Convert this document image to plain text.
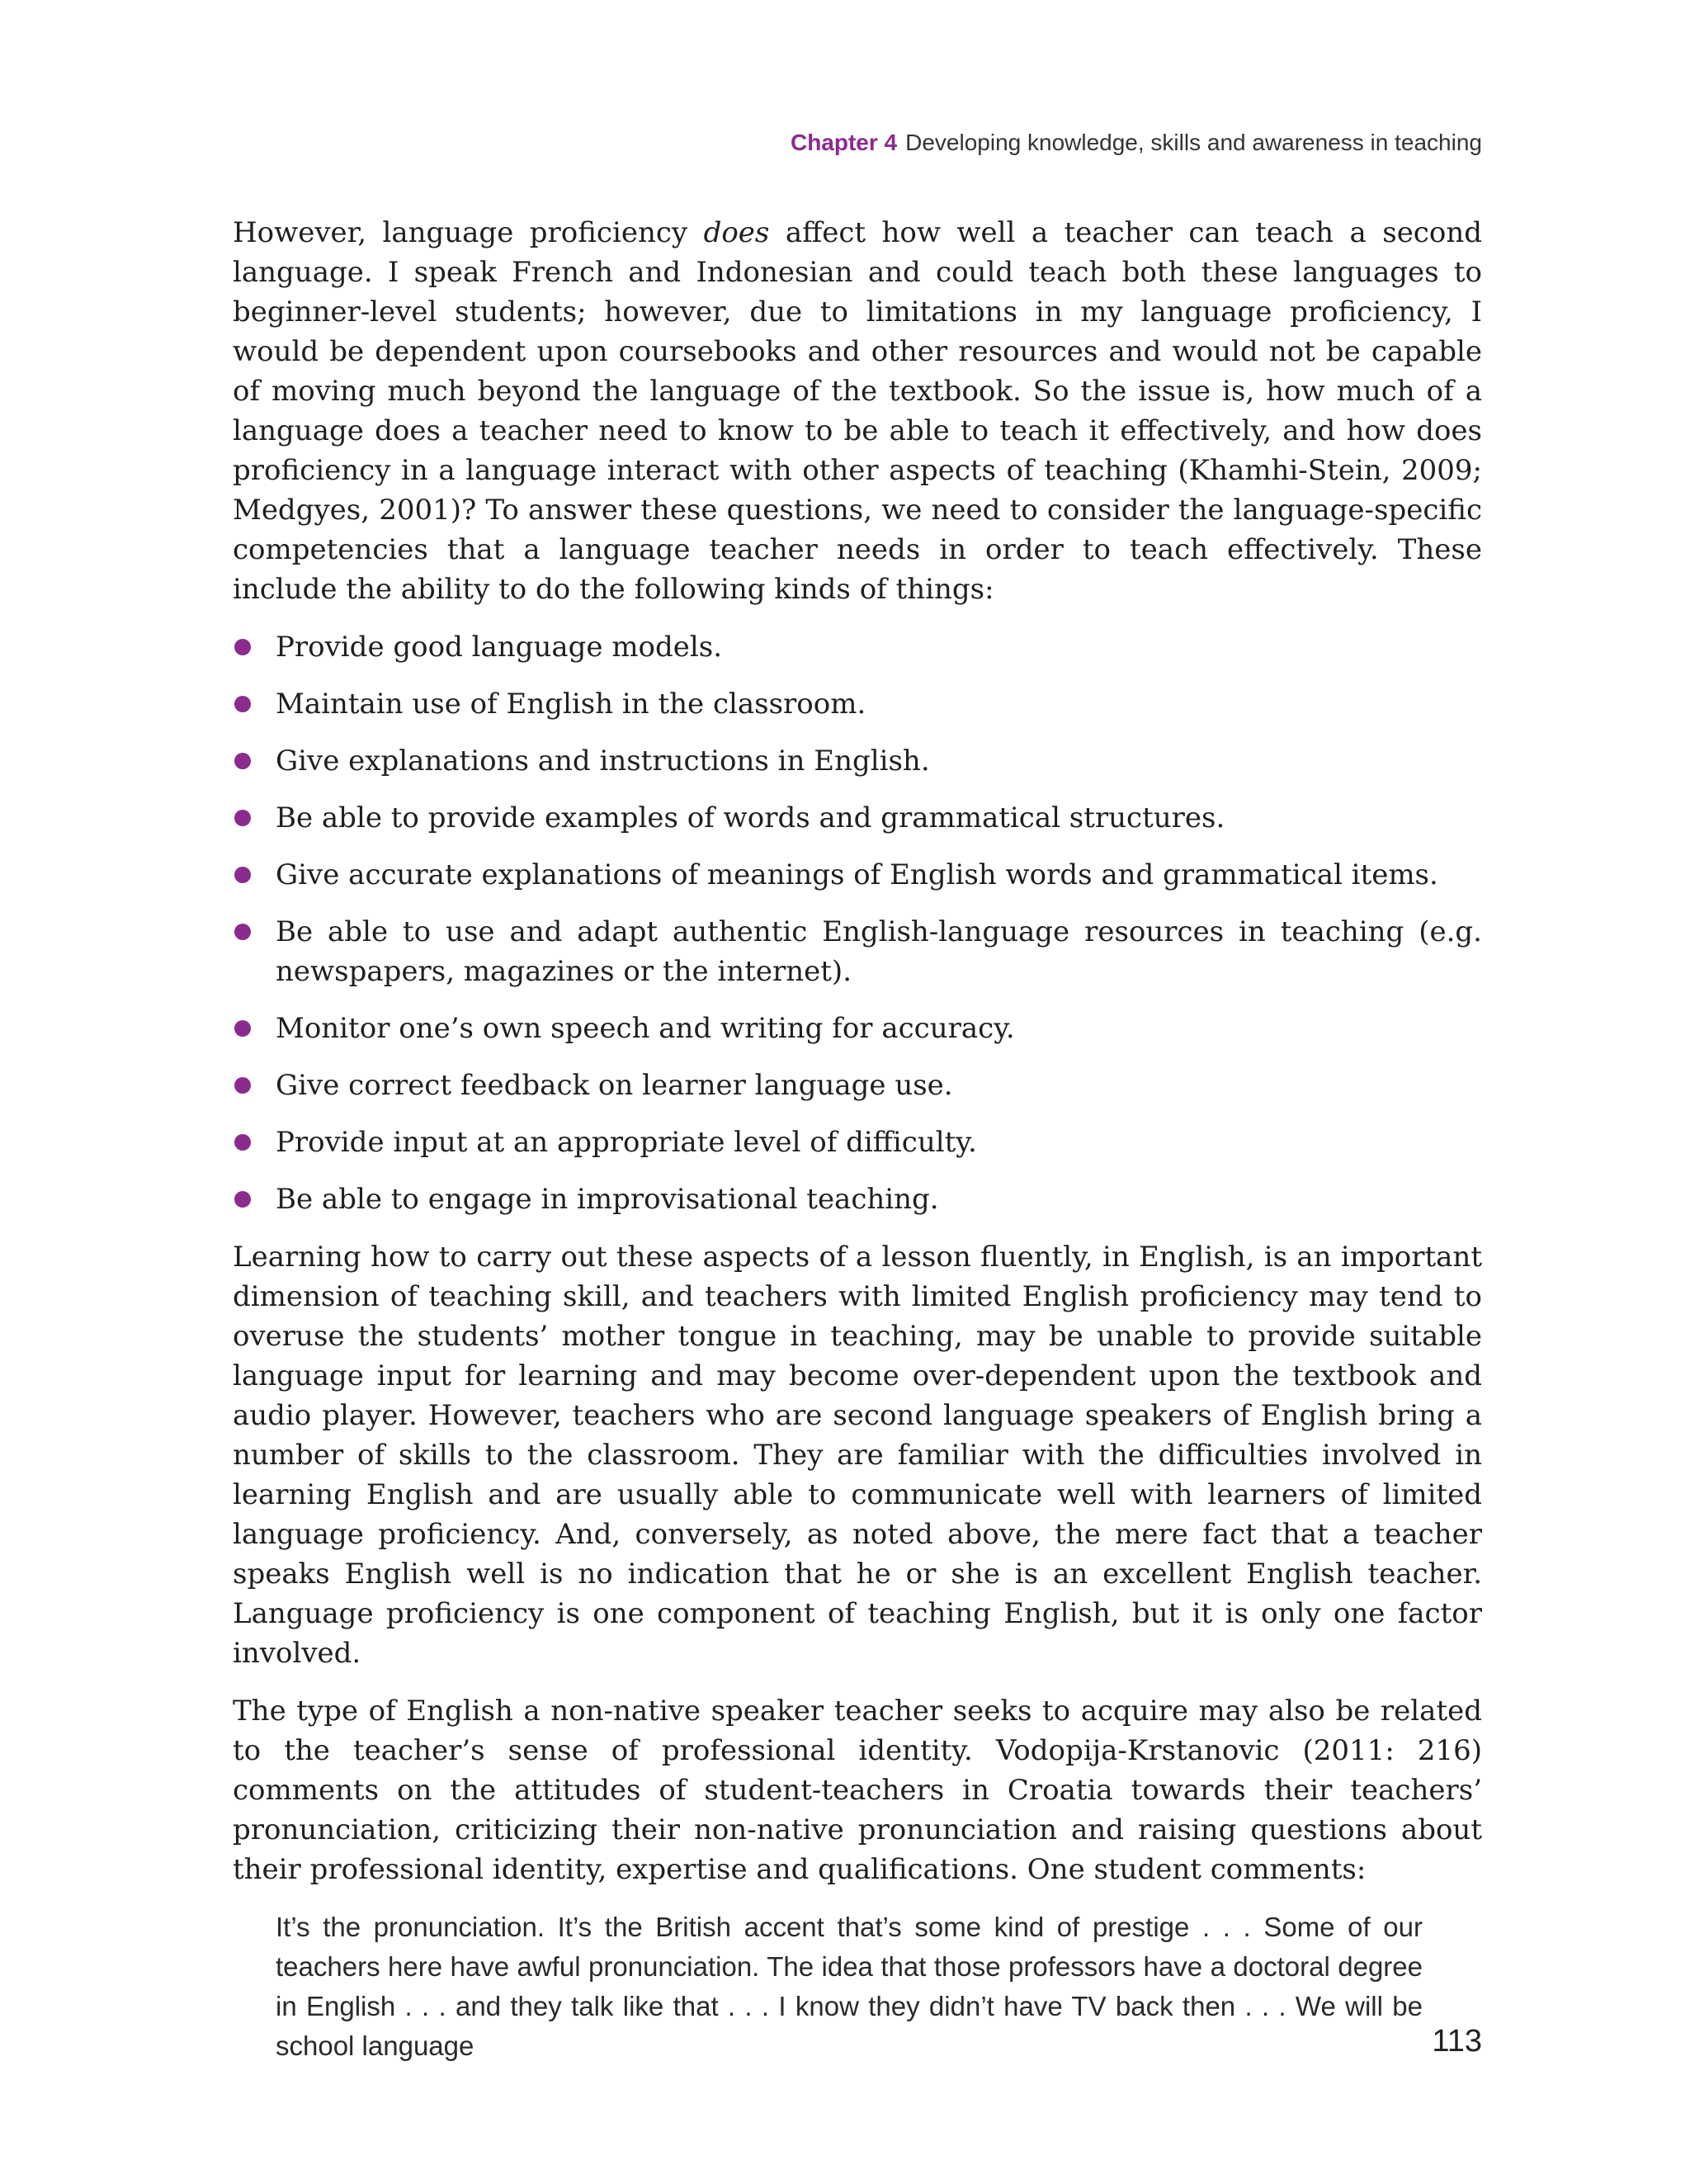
Chapter 4 Developing knowledge, skills and awareness in teaching

However, language proficiency does affect how well a teacher can teach a second language. I speak French and Indonesian and could teach both these languages to beginner-level students; however, due to limitations in my language proficiency, I would be dependent upon coursebooks and other resources and would not be capable of moving much beyond the language of the textbook. So the issue is, how much of a language does a teacher need to know to be able to teach it effectively, and how does proficiency in a language interact with other aspects of teaching (Khamhi-Stein, 2009; Medgyes, 2001)? To answer these questions, we need to consider the language-specific competencies that a language teacher needs in order to teach effectively. These include the ability to do the following kinds of things:

Provide good language models.
Maintain use of English in the classroom.
Give explanations and instructions in English.
Be able to provide examples of words and grammatical structures.
Give accurate explanations of meanings of English words and grammatical items.
Be able to use and adapt authentic English-language resources in teaching (e.g. newspapers, magazines or the internet).
Monitor one’s own speech and writing for accuracy.
Give correct feedback on learner language use.
Provide input at an appropriate level of difficulty.
Be able to engage in improvisational teaching.

Learning how to carry out these aspects of a lesson fluently, in English, is an important dimension of teaching skill, and teachers with limited English proficiency may tend to overuse the students’ mother tongue in teaching, may be unable to provide suitable language input for learning and may become over-dependent upon the textbook and audio player. However, teachers who are second language speakers of English bring a number of skills to the classroom. They are familiar with the difficulties involved in learning English and are usually able to communicate well with learners of limited language proficiency. And, conversely, as noted above, the mere fact that a teacher speaks English well is no indication that he or she is an excellent English teacher. Language proficiency is one component of teaching English, but it is only one factor involved.

The type of English a non-native speaker teacher seeks to acquire may also be related to the teacher’s sense of professional identity. Vodopija-Krstanovic (2011: 216) comments on the attitudes of student-teachers in Croatia towards their teachers’ pronunciation, criticizing their non-native pronunciation and raising questions about their professional identity, expertise and qualifications. One student comments:

It’s the pronunciation. It’s the British accent that’s some kind of prestige . . . Some of our teachers here have awful pronunciation. The idea that those professors have a doctoral degree in English . . . and they talk like that . . . I know they didn’t have TV back then . . . We will be school language	113
